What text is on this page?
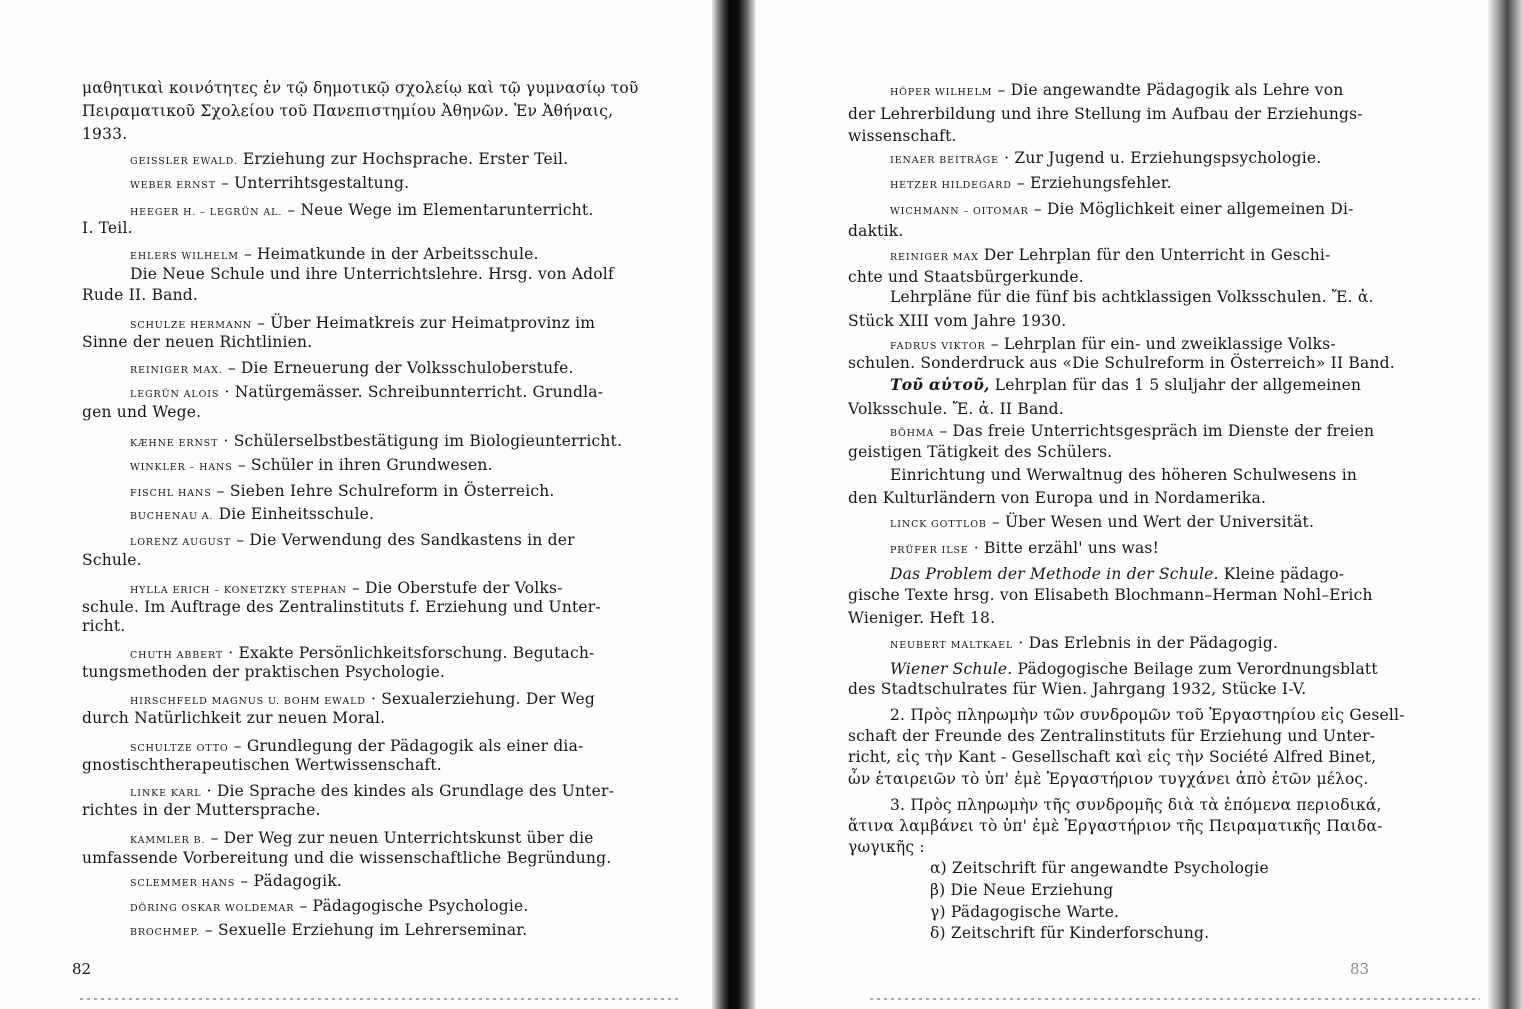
μαθητικαὶ κοινότητες ἐν τῷ δημοτικῷ σχολείῳ καὶ τῷ γυμνασίῳ τοῦ
Πειραματικοῦ Σχολείου τοῦ Πανεπιστημίου Ἀθηνῶν. Ἐν Ἀθήναις,
1933.
GEISSLER EWALD. Erziehung zur Hochsprache. Erster Teil.
WEBER ERNST – Unterrihtsgestaltung.
HEEGER H. – LEGRÜN AL. – Neue Wege im Elementarunterricht.
I. Teil.
EHLERS WILHELM – Heimatkunde in der Arbeitsschule.
Die Neue Schule und ihre Unterrichtslehre. Hrsg. von Adolf
Rude II. Band.
SCHULZE HERMANN – Über Heimatkreis zur Heimatprovinz im
Sinne der neuen Richtlinien.
REINIGER MAX. – Die Erneuerung der Volksschuloberstufe.
LEGRÜN ALOIS · Natürgemässer. Schreibunnterricht. Grundla-
gen und Wege.
KÆHNE ERNST · Schülerselbstbestätigung im Biologieunterricht.
WINKLER – HANS – Schüler in ihren Grundwesen.
FISCHL HANS – Sieben Iehre Schulreform in Österreich.
BUCHENAU A. Die Einheitsschule.
LORENZ AUGUST – Die Verwendung des Sandkastens in der
Schule.
HYLLA ERICH – KONETZKY STEPHAN – Die Oberstufe der Volks-
schule. Im Auftrage des Zentralinstituts f. Erziehung und Unter-
richt.
CHUTH ABBERT · Exakte Persönlichkeitsforschung. Begutach-
tungsmethoden der praktischen Psychologie.
HIRSCHFELD MAGNUS U. BOHM EWALD · Sexualerziehung. Der Weg
durch Natürlichkeit zur neuen Moral.
SCHULTZE OTTO – Grundlegung der Pädagogik als einer dia-
gnostischtherapeutischen Wertwissenschaft.
LINKE KARL · Die Sprache des kindes als Grundlage des Unter-
richtes in der Muttersprache.
KAMMLER B. – Der Weg zur neuen Unterrichtskunst über die
umfassende Vorbereitung und die wissenschaftliche Begründung.
SCLEMMER HANS – Pädagogik.
DÖRING OSKAR WOLDEMAR – Pädagogische Psychologie.
BROCHMEP. – Sexuelle Erziehung im Lehrerseminar.
82
HÖPER WILHELM – Die angewandte Pädagogik als Lehre von
der Lehrerbildung und ihre Stellung im Aufbau der Erziehungs-
wissenschaft.
IENAER BEITRÄGE · Zur Jugend u. Erziehungspsychologie.
HETZER HILDEGARD – Erziehungsfehler.
WICHMANN – OITOMAR – Die Möglichkeit einer allgemeinen Di-
daktik.
REINIGER MAX Der Lehrplan für den Unterricht in Geschi-
chte und Staatsbürgerkunde.
Lehrpläne für die fünf bis achtklassigen Volksschulen. Ἔ. ἀ.
Stück XIII vom Jahre 1930.
FADRUS VIKTOR – Lehrplan für ein- und zweiklassige Volks-
schulen. Sonderdruck aus «Die Schulreform in Österreich» II Band.
Τοῦ αὐτοῦ, Lehrplan für das 1 5 sluljahr der allgemeinen
Volksschule. Ἔ. ἀ. II Band.
BÖHMA – Das freie Unterrichtsgespräch im Dienste der freien
geistigen Tätigkeit des Schülers.
Einrichtung und Werwaltnug des höheren Schulwesens in
den Kulturländern von Europa und in Nordamerika.
LINCK GOTTLOB – Über Wesen und Wert der Universität.
PRÜFER ILSE · Bitte erzähl' uns was!
Das Problem der Methode in der Schule. Kleine pädago-
gische Texte hrsg. von Elisabeth Blochmann–Herman Nohl–Erich
Wieniger. Heft 18.
NEUBERT MALTKAEL · Das Erlebnis in der Pädagogig.
Wiener Schule. Pädogogische Beilage zum Verordnungsblatt
des Stadtschulrates für Wien. Jahrgang 1932, Stücke I-V.
2. Πρὸς πληρωμὴν τῶν συνδρομῶν τοῦ Ἐργαστηρίου εἰς Gesell-
schaft der Freunde des Zentralinstituts für Erziehung und Unter-
richt, εἰς τὴν Kant - Gesellschaft καὶ εἰς τὴν Société Alfred Binet,
ὧν ἑταιρειῶν τὸ ὑπ' ἐμὲ Ἐργαστήριον τυγχάνει ἀπὸ ἐτῶν μέλος.
3. Πρὸς πληρωμὴν τῆς συνδρομῆς διὰ τὰ ἑπόμενα περιοδικά,
ἅτινα λαμβάνει τὸ ὑπ' ἐμὲ Ἐργαστήριον τῆς Πειραματικῆς Παιδα-
γωγικῆς :
α) Zeitschrift für angewandte Psychologie
β) Die Neue Erziehung
γ) Pädagogische Warte.
δ) Zeitschrift für Kinderforschung.
83
